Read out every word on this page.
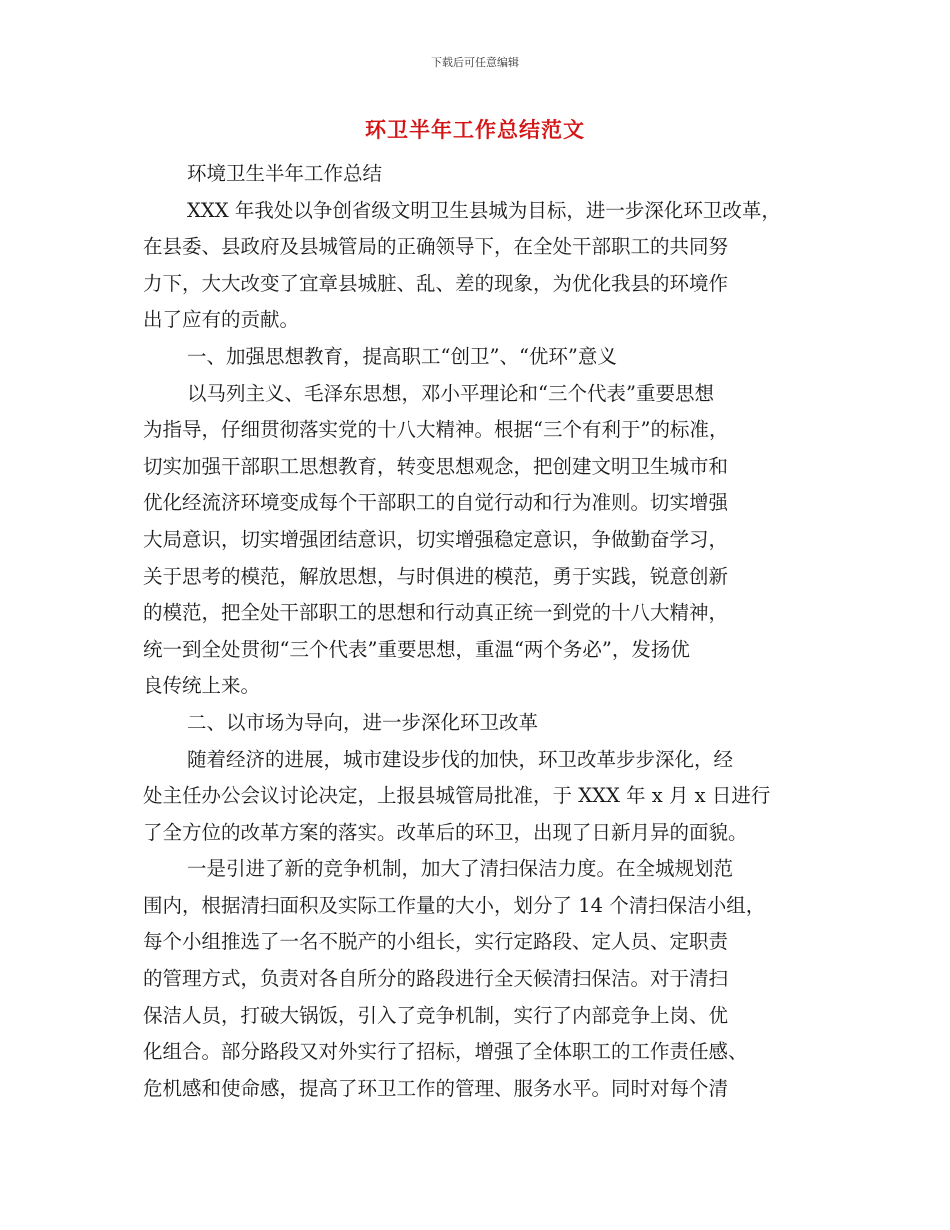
下载后可任意编辑
环卫半年工作总结范文
环境卫生半年工作总结
XXX 年我处以争创省级文明卫生县城为目标，进一步深化环卫改革，
在县委、县政府及县城管局的正确领导下，在全处干部职工的共同努
力下，大大改变了宜章县城脏、乱、差的现象，为优化我县的环境作
出了应有的贡献。
一、加强思想教育，提高职工“创卫”、“优环”意义
以马列主义、毛泽东思想，邓小平理论和“三个代表”重要思想
为指导，仔细贯彻落实党的十八大精神。根据“三个有利于”的标准，
切实加强干部职工思想教育，转变思想观念，把创建文明卫生城市和
优化经流济环境变成每个干部职工的自觉行动和行为准则。切实增强
大局意识，切实增强团结意识，切实增强稳定意识，争做勤奋学习，
关于思考的模范，解放思想，与时俱进的模范，勇于实践，锐意创新
的模范，把全处干部职工的思想和行动真正统一到党的十八大精神，
统一到全处贯彻“三个代表”重要思想，重温“两个务必”，发扬优
良传统上来。
二、以市场为导向，进一步深化环卫改革
随着经济的进展，城市建设步伐的加快，环卫改革步步深化，经
处主任办公会议讨论决定，上报县城管局批准，于 XXX 年 x 月 x 日进行
了全方位的改革方案的落实。改革后的环卫，出现了日新月异的面貌。
一是引进了新的竞争机制，加大了清扫保洁力度。在全城规划范
围内，根据清扫面积及实际工作量的大小，划分了 14 个清扫保洁小组，
每个小组推选了一名不脱产的小组长，实行定路段、定人员、定职责
的管理方式，负责对各自所分的路段进行全天候清扫保洁。对于清扫
保洁人员，打破大锅饭，引入了竞争机制，实行了内部竞争上岗、优
化组合。部分路段又对外实行了招标，增强了全体职工的工作责任感、
危机感和使命感，提高了环卫工作的管理、服务水平。同时对每个清
